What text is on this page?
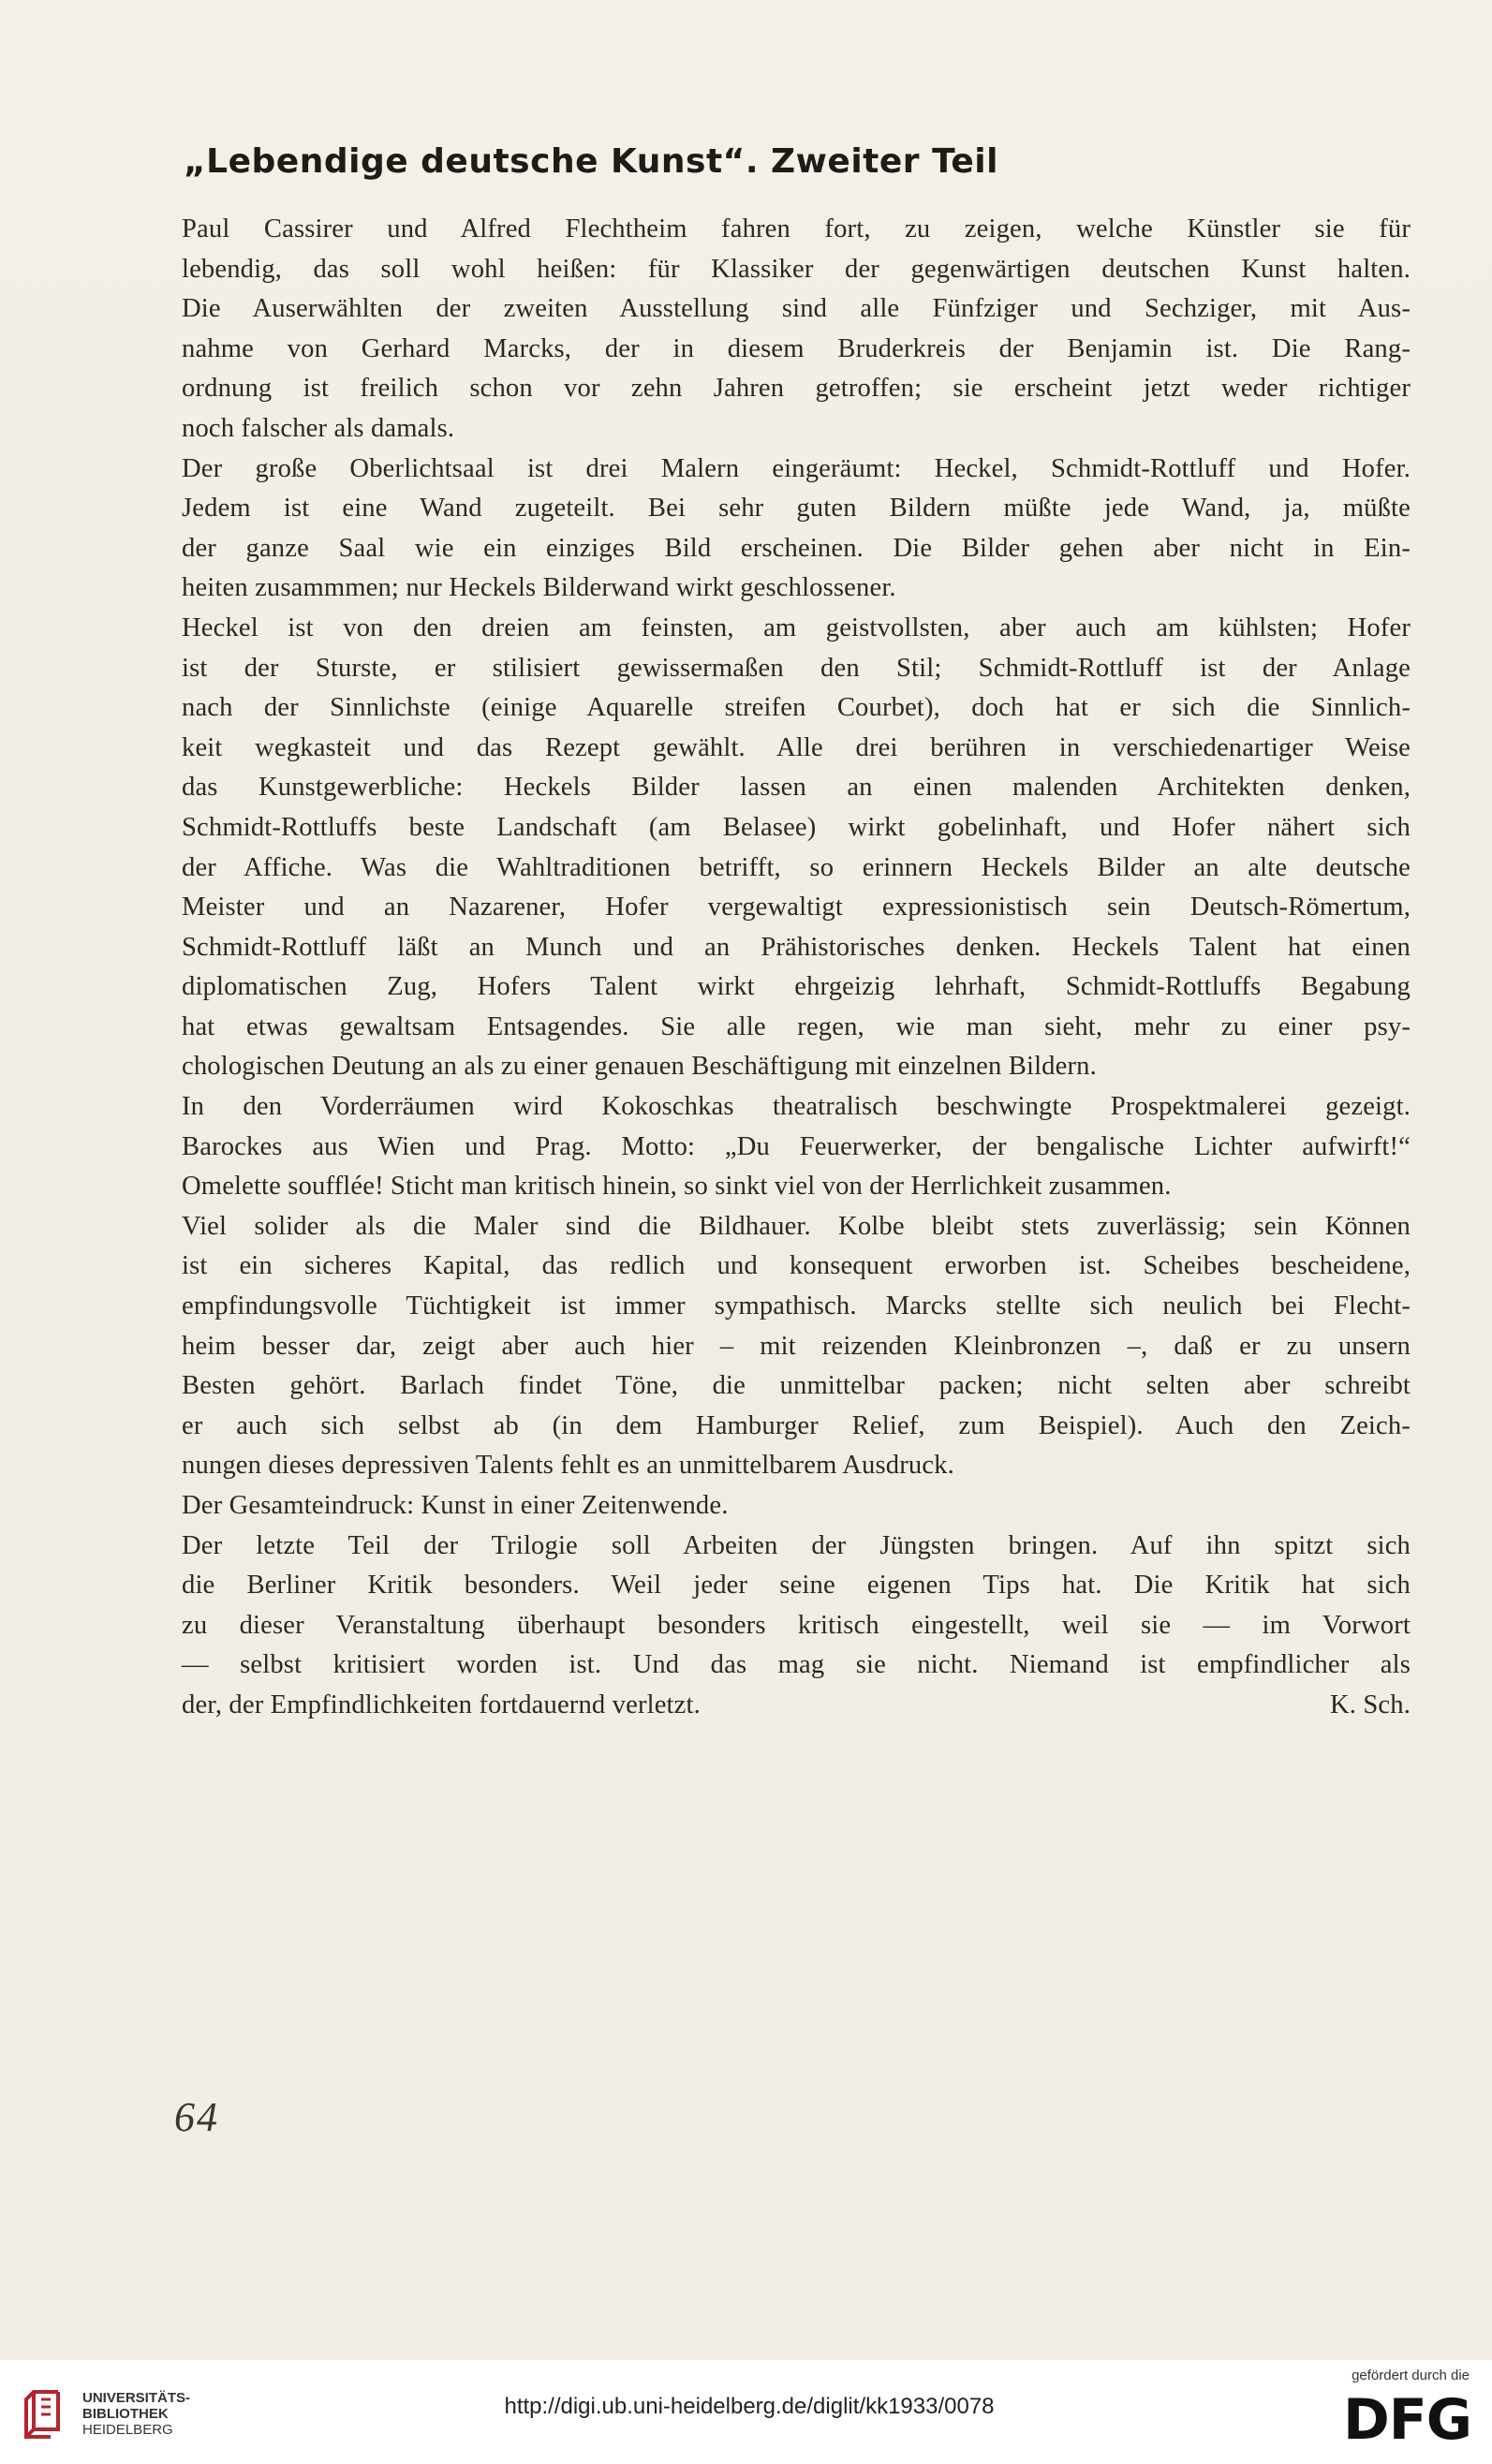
„Lebendige deutsche Kunst“. Zweiter Teil
Paul Cassirer und Alfred Flechtheim fahren fort, zu zeigen, welche Künstler sie für
lebendig, das soll wohl heißen: für Klassiker der gegenwärtigen deutschen Kunst halten.
Die Auserwählten der zweiten Ausstellung sind alle Fünfziger und Sechziger, mit Aus-
nahme von Gerhard Marcks, der in diesem Bruderkreis der Benjamin ist. Die Rang-
ordnung ist freilich schon vor zehn Jahren getroffen; sie erscheint jetzt weder richtiger
noch falscher als damals.
Der große Oberlichtsaal ist drei Malern eingeräumt: Heckel, Schmidt-Rottluff und Hofer.
Jedem ist eine Wand zugeteilt. Bei sehr guten Bildern müßte jede Wand, ja, müßte
der ganze Saal wie ein einziges Bild erscheinen. Die Bilder gehen aber nicht in Ein-
heiten zusammmen; nur Heckels Bilderwand wirkt geschlossener.
Heckel ist von den dreien am feinsten, am geistvollsten, aber auch am kühlsten; Hofer
ist der Sturste, er stilisiert gewissermaßen den Stil; Schmidt-Rottluff ist der Anlage
nach der Sinnlichste (einige Aquarelle streifen Courbet), doch hat er sich die Sinnlich-
keit wegkasteit und das Rezept gewählt. Alle drei berühren in verschiedenartiger Weise
das Kunstgewerbliche: Heckels Bilder lassen an einen malenden Architekten denken,
Schmidt-Rottluffs beste Landschaft (am Belasee) wirkt gobelinhaft, und Hofer nähert sich
der Affiche. Was die Wahltraditionen betrifft, so erinnern Heckels Bilder an alte deutsche
Meister und an Nazarener, Hofer vergewaltigt expressionistisch sein Deutsch-Römertum,
Schmidt-Rottluff läßt an Munch und an Prähistorisches denken. Heckels Talent hat einen
diplomatischen Zug, Hofers Talent wirkt ehrgeizig lehrhaft, Schmidt-Rottluffs Begabung
hat etwas gewaltsam Entsagendes. Sie alle regen, wie man sieht, mehr zu einer psy-
chologischen Deutung an als zu einer genauen Beschäftigung mit einzelnen Bildern.
In den Vorderräumen wird Kokoschkas theatralisch beschwingte Prospektmalerei gezeigt.
Barockes aus Wien und Prag. Motto: „Du Feuerwerker, der bengalische Lichter aufwirft!“
Omelette soufflée! Sticht man kritisch hinein, so sinkt viel von der Herrlichkeit zusammen.
Viel solider als die Maler sind die Bildhauer. Kolbe bleibt stets zuverlässig; sein Können
ist ein sicheres Kapital, das redlich und konsequent erworben ist. Scheibes bescheidene,
empfindungsvolle Tüchtigkeit ist immer sympathisch. Marcks stellte sich neulich bei Flecht-
heim besser dar, zeigt aber auch hier – mit reizenden Kleinbronzen –, daß er zu unsern
Besten gehört. Barlach findet Töne, die unmittelbar packen; nicht selten aber schreibt
er auch sich selbst ab (in dem Hamburger Relief, zum Beispiel). Auch den Zeich-
nungen dieses depressiven Talents fehlt es an unmittelbarem Ausdruck.
Der Gesamteindruck: Kunst in einer Zeitenwende.
Der letzte Teil der Trilogie soll Arbeiten der Jüngsten bringen. Auf ihn spitzt sich
die Berliner Kritik besonders. Weil jeder seine eigenen Tips hat. Die Kritik hat sich
zu dieser Veranstaltung überhaupt besonders kritisch eingestellt, weil sie — im Vorwort
— selbst kritisiert worden ist. Und das mag sie nicht. Niemand ist empfindlicher als
der, der Empfindlichkeiten fortdauernd verletzt.	K. Sch.
64
UNIVERSITÄTS-
BIBLIOTHEK
HEIDELBERG
http://digi.ub.uni-heidelberg.de/diglit/kk1933/0078
gefördert durch die
DFG
